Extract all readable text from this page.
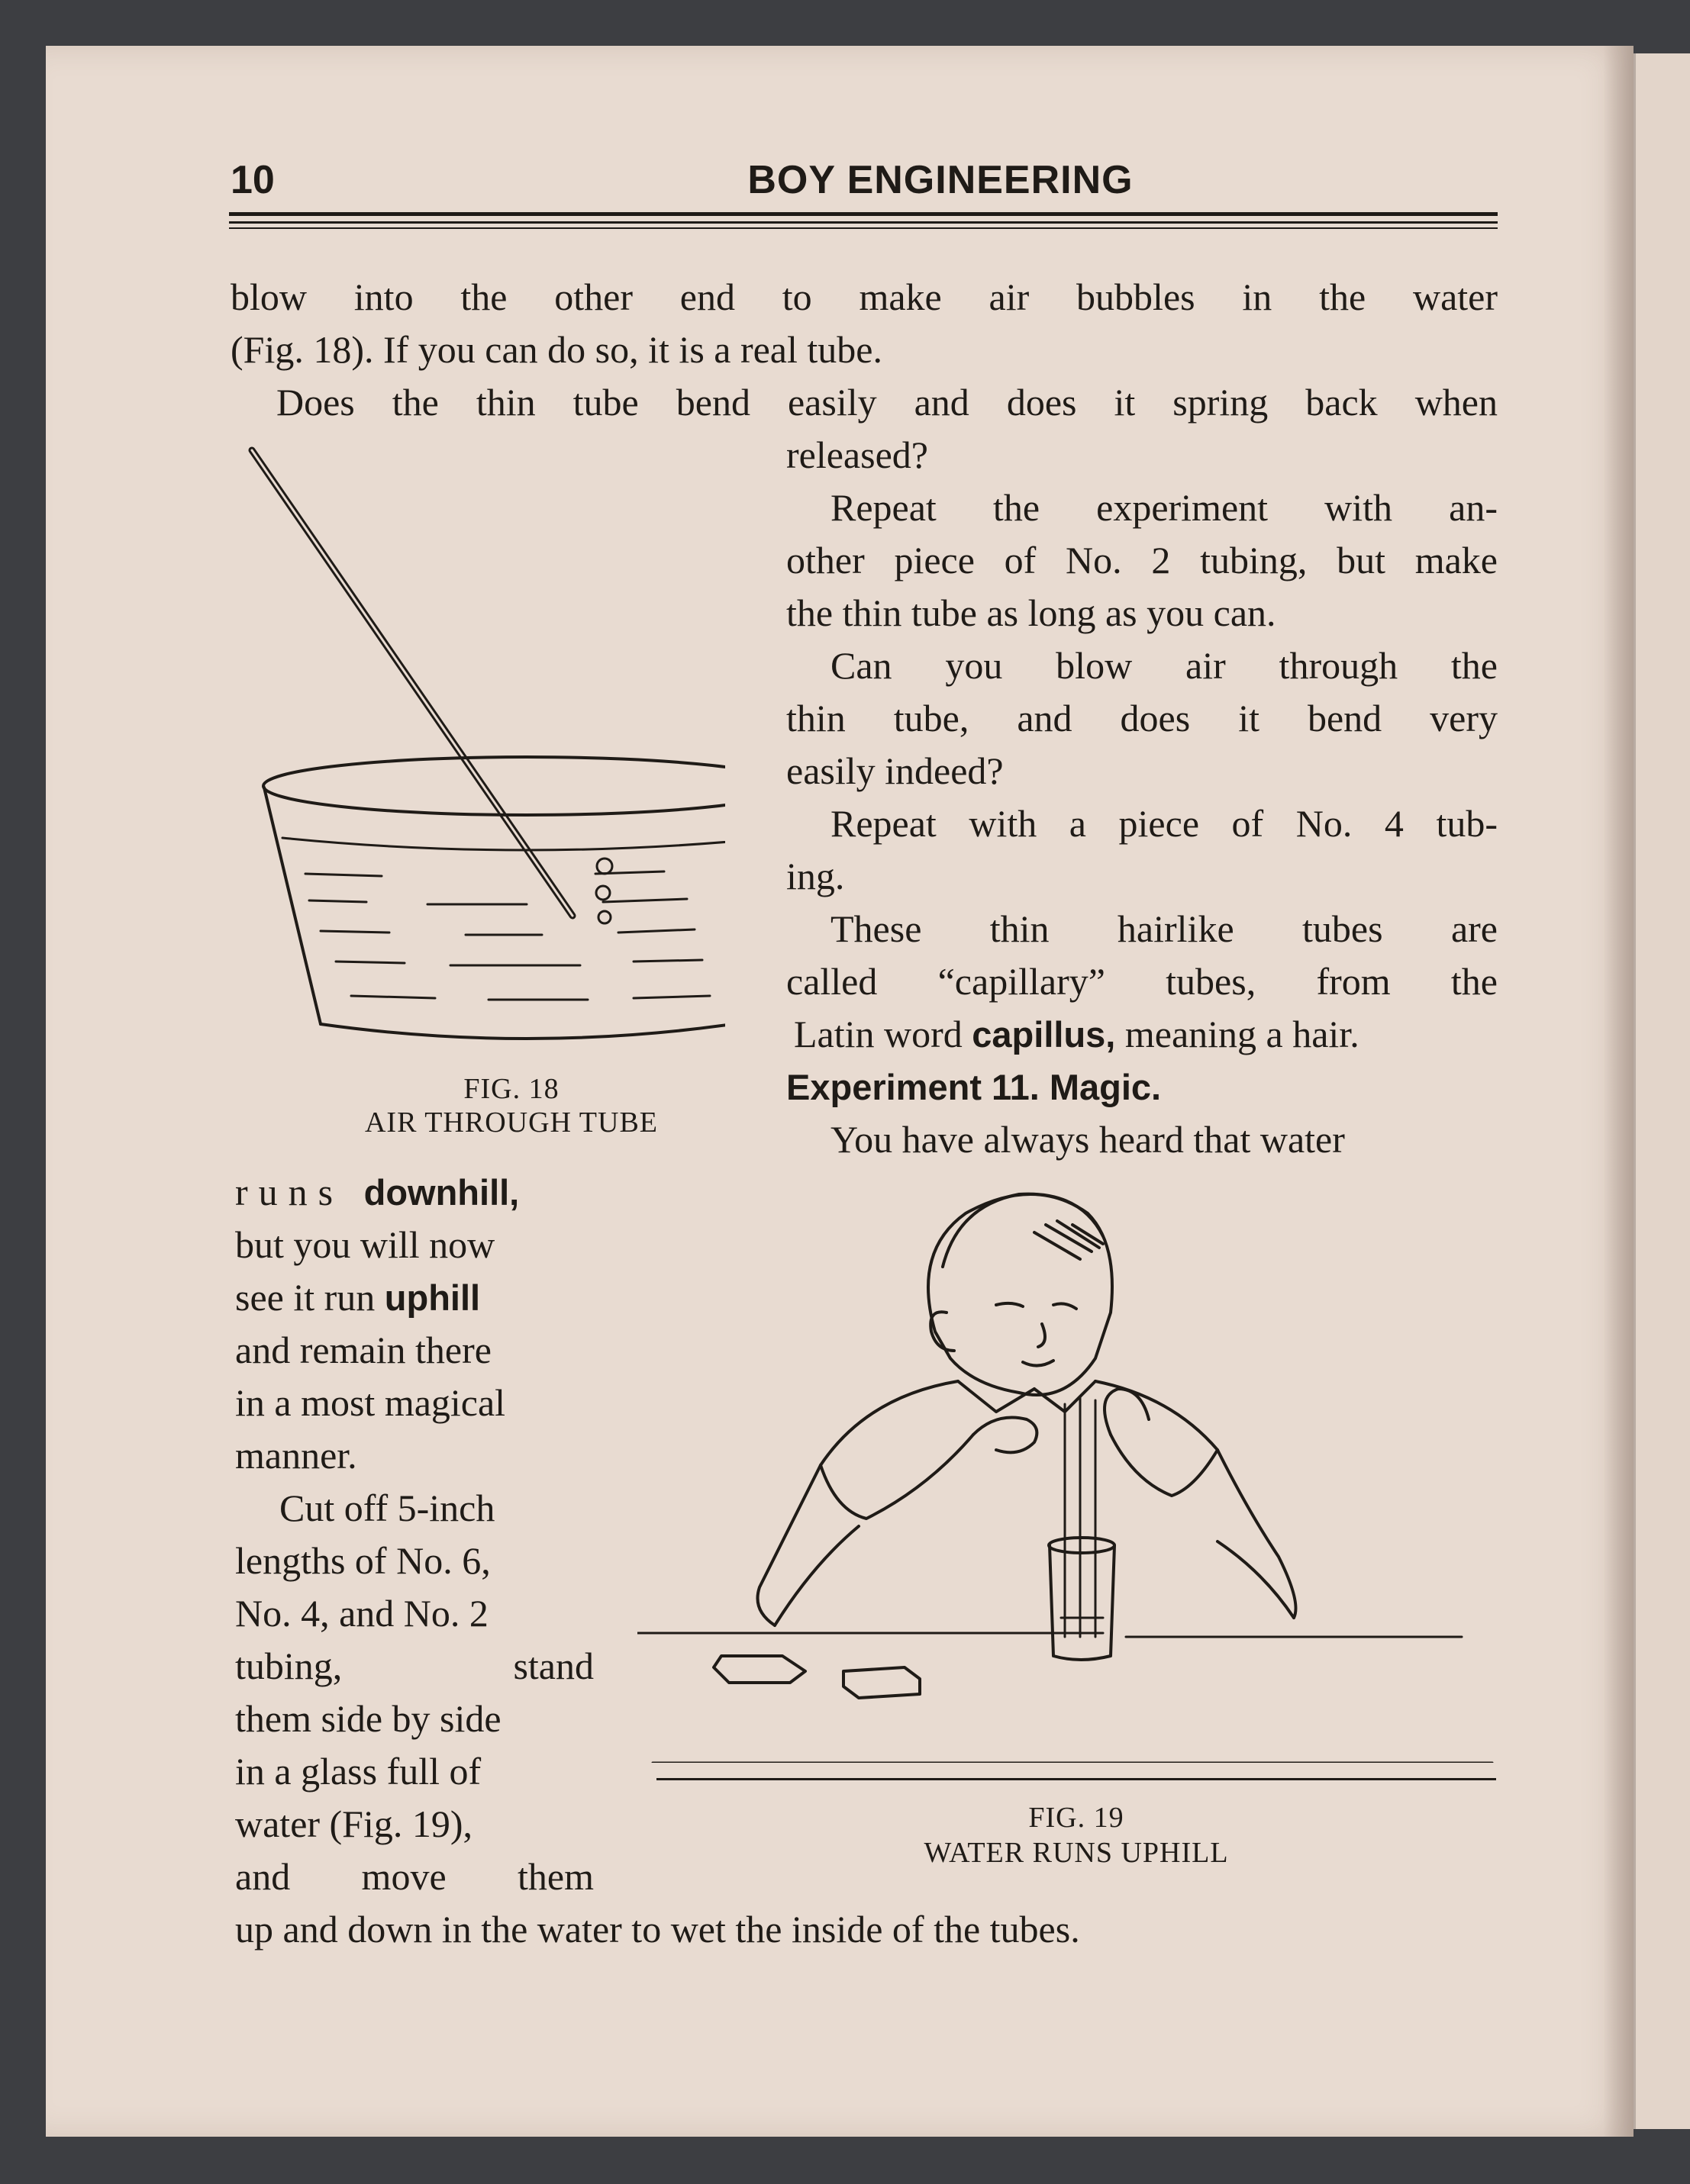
10	BOY ENGINEERING
blow into the other end to make air bubbles in the water
(Fig. 18). If you can do so, it is a real tube.
Does the thin tube bend easily and does it spring back when
released?
Repeat the experiment with an-
other piece of No. 2 tubing, but make
the thin tube as long as you can.
Can you blow air through the
thin tube, and does it bend very
easily indeed?
Repeat with a piece of No. 4 tub-
ing.
These thin hairlike tubes are
called “capillary” tubes, from the
Latin word capillus, meaning a hair.
Experiment 11. Magic.
You have always heard that water
runs downhill,
but you will now
see it run uphill
and remain there
in a most magical
manner.
Cut off 5-inch
lengths of No. 6,
No. 4, and No. 2
tubing, stand
them side by side
in a glass full of
water (Fig. 19),
and move them
up and down in the water to wet the inside of the tubes.
FIG. 18
AIR THROUGH TUBE
FIG. 19
WATER RUNS UPHILL
